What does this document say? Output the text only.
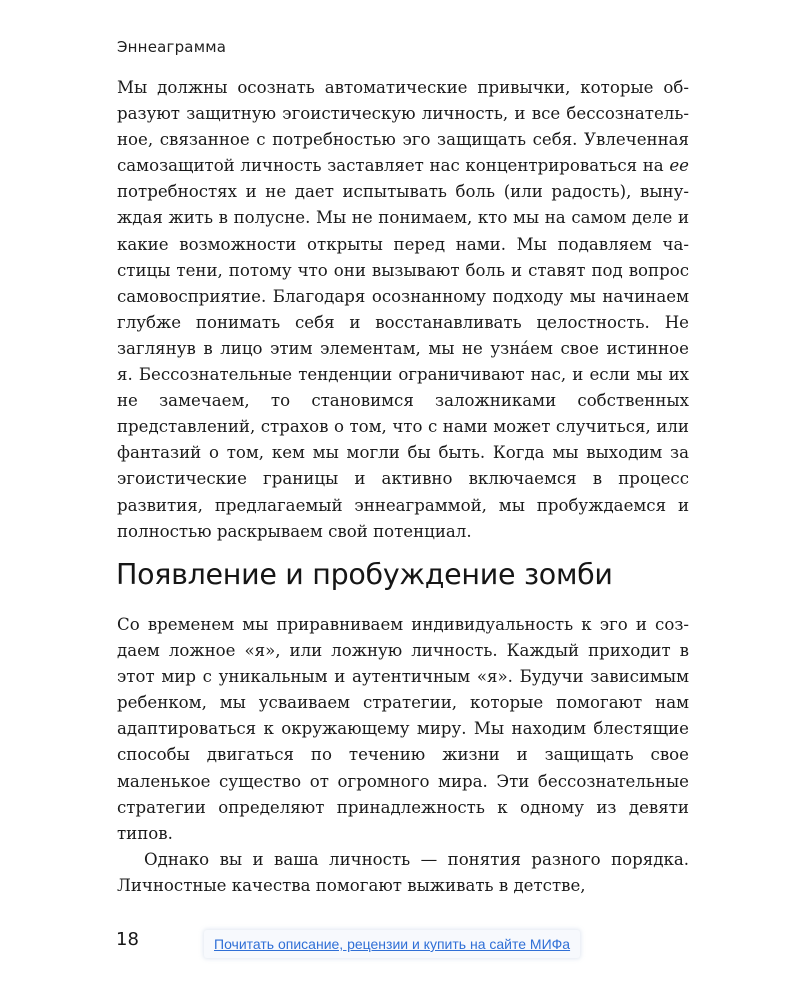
Эннеаграмма

Мы должны осознать автоматические привычки, которые образуют защитную эгоистическую личность, и все бессознательное, связанное с потребностью эго защищать себя. Увлеченная самозащитой личность заставляет нас концентрироваться на ее потребностях и не дает испытывать боль (или радость), вынуждая жить в полусне. Мы не понимаем, кто мы на самом деле и какие возможности открыты перед нами. Мы подавляем частицы тени, потому что они вызывают боль и ставят под вопрос самовосприятие. Благодаря осознанному подходу мы начинаем глубже понимать себя и восстанавливать целостность. Не заглянув в лицо этим элементам, мы не узна́ем свое истинное я. Бессознательные тенденции ограничивают нас, и если мы их не замечаем, то становимся заложниками собственных представлений, страхов о том, что с нами может случиться, или фантазий о том, кем мы могли бы быть. Когда мы выходим за эгоистические границы и активно включаемся в процесс развития, предлагаемый эннеаграммой, мы пробуждаемся и полностью раскрываем свой потенциал.

Появление и пробуждение зомби

Со временем мы приравниваем индивидуальность к эго и создаем ложное «я», или ложную личность. Каждый приходит в этот мир с уникальным и аутентичным «я». Будучи зависимым ребенком, мы усваиваем стратегии, которые помогают нам адаптироваться к окружающему миру. Мы находим блестящие способы двигаться по течению жизни и защищать свое маленькое существо от огромного мира. Эти бессознательные стратегии определяют принадлежность к одному из девяти типов.

Однако вы и ваша личность — понятия разного порядка. Личностные качества помогают выживать в детстве,

18	Почитать описание, рецензии и купить на сайте МИФа
